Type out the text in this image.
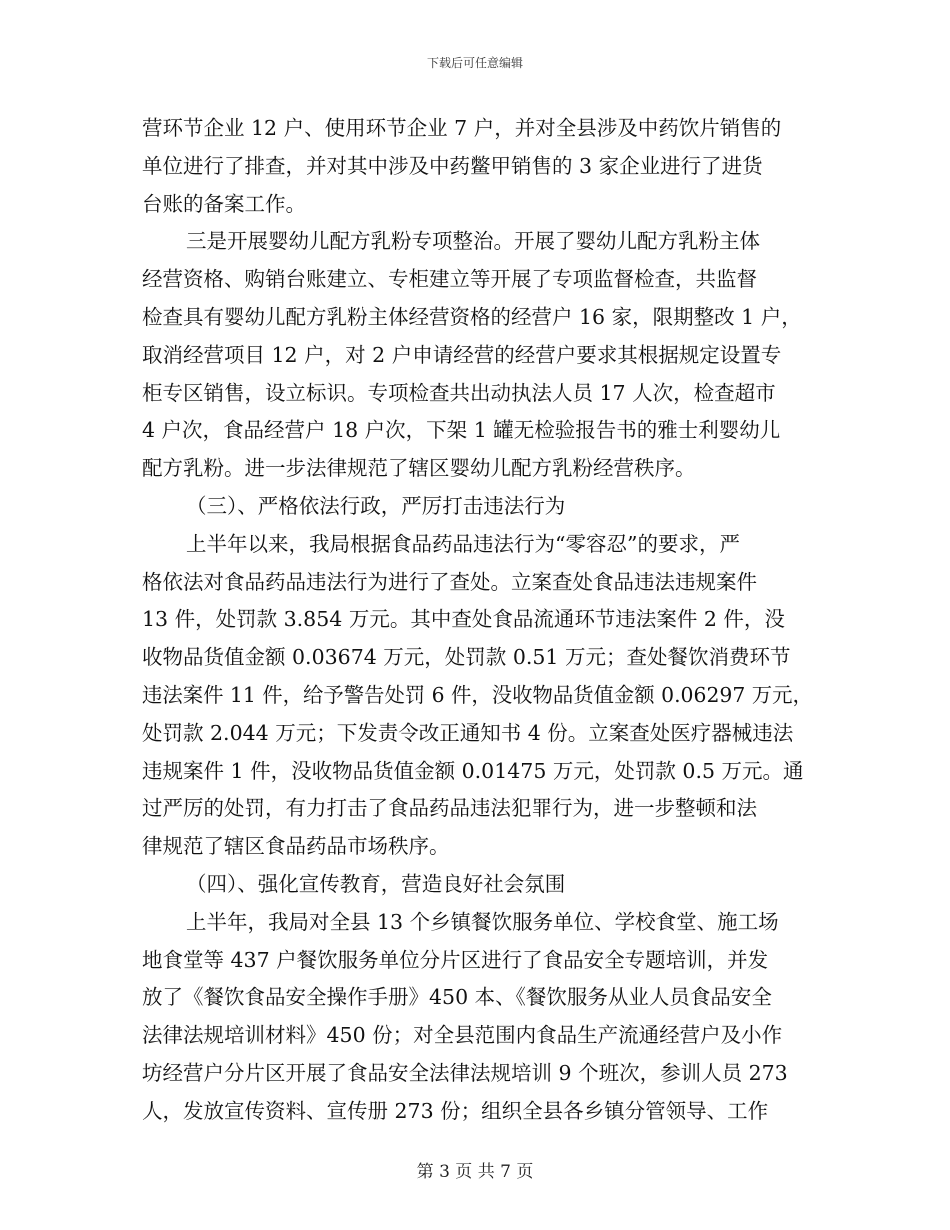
下载后可任意编辑
营环节企业 12 户、使用环节企业 7 户，并对全县涉及中药饮片销售的
单位进行了排查，并对其中涉及中药鳖甲销售的 3 家企业进行了进货
台账的备案工作。
三是开展婴幼儿配方乳粉专项整治。开展了婴幼儿配方乳粉主体
经营资格、购销台账建立、专柜建立等开展了专项监督检查，共监督
检查具有婴幼儿配方乳粉主体经营资格的经营户 16 家，限期整改 1 户，
取消经营项目 12 户，对 2 户申请经营的经营户要求其根据规定设置专
柜专区销售，设立标识。专项检查共出动执法人员 17 人次，检查超市
4 户次，食品经营户 18 户次，下架 1 罐无检验报告书的雅士利婴幼儿
配方乳粉。进一步法律规范了辖区婴幼儿配方乳粉经营秩序。
（三）、严格依法行政，严厉打击违法行为
上半年以来，我局根据食品药品违法行为“零容忍”的要求，严
格依法对食品药品违法行为进行了查处。立案查处食品违法违规案件
13 件，处罚款 3.854 万元。其中查处食品流通环节违法案件 2 件，没
收物品货值金额 0.03674 万元，处罚款 0.51 万元；查处餐饮消费环节
违法案件 11 件，给予警告处罚 6 件，没收物品货值金额 0.06297 万元，
处罚款 2.044 万元；下发责令改正通知书 4 份。立案查处医疗器械违法
违规案件 1 件，没收物品货值金额 0.01475 万元，处罚款 0.5 万元。通
过严厉的处罚，有力打击了食品药品违法犯罪行为，进一步整顿和法
律规范了辖区食品药品市场秩序。
（四）、强化宣传教育，营造良好社会氛围
上半年，我局对全县 13 个乡镇餐饮服务单位、学校食堂、施工场
地食堂等 437 户餐饮服务单位分片区进行了食品安全专题培训，并发
放了《餐饮食品安全操作手册》450 本、《餐饮服务从业人员食品安全
法律法规培训材料》450 份；对全县范围内食品生产流通经营户及小作
坊经营户分片区开展了食品安全法律法规培训 9 个班次，参训人员 273
人，发放宣传资料、宣传册 273 份；组织全县各乡镇分管领导、工作
第 3 页 共 7 页
